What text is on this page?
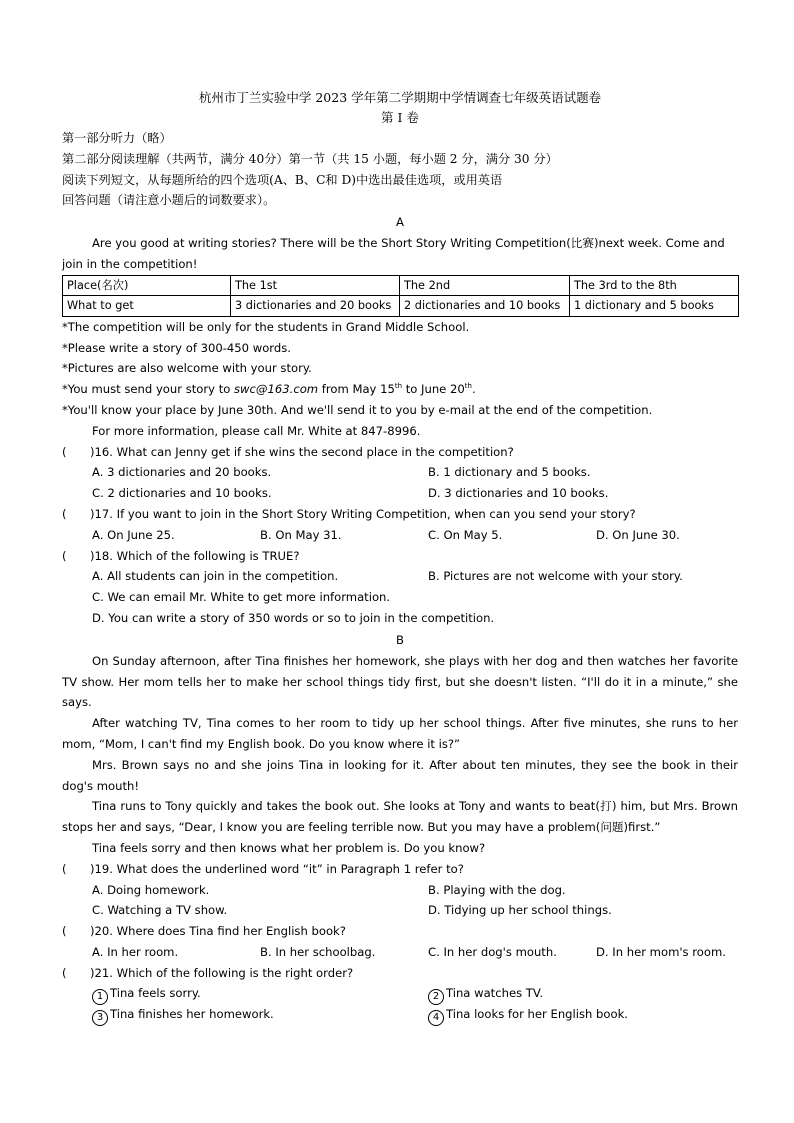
杭州市丁兰实验中学 2023 学年第二学期期中学情调查七年级英语试题卷
第 I 卷
第一部分听力（略）
第二部分阅读理解（共两节，满分 40分）第一节（共 15 小题，每小题 2 分，满分 30 分）
阅读下列短文，从每题所给的四个选项(A、B、C和 D)中选出最佳选项，或用英语
回答问题（请注意小题后的词数要求）。
A
Are you good at writing stories? There will be the Short Story Writing Competition(比赛)next week. Come and
join in the competition!
Place(名次)	The 1st	The 2nd	The 3rd to the 8th
What to get	3 dictionaries and 20 books	2 dictionaries and 10 books	1 dictionary and 5 books
*The competition will be only for the students in Grand Middle School.
*Please write a story of 300-450 words.
*Pictures are also welcome with your story.
*You must send your story to swc@163.com from May 15th to June 20th.
*You'll know your place by June 30th. And we'll send it to you by e-mail at the end of the competition.
For more information, please call Mr. White at 847-8996.
(	)16. What can Jenny get if she wins the second place in the competition?
A. 3 dictionaries and 20 books.	B. 1 dictionary and 5 books.
C. 2 dictionaries and 10 books.	D. 3 dictionaries and 10 books.
(	)17. If you want to join in the Short Story Writing Competition, when can you send your story?
A. On June 25.	B. On May 31.	C. On May 5.	D. On June 30.
(	)18. Which of the following is TRUE?
A. All students can join in the competition.	B. Pictures are not welcome with your story.
C. We can email Mr. White to get more information.
D. You can write a story of 350 words or so to join in the competition.
B
On Sunday afternoon, after Tina finishes her homework, she plays with her dog and then watches her favorite TV show. Her mom tells her to make her school things tidy first, but she doesn't listen. “I'll do it in a minute,” she says.
After watching TV, Tina comes to her room to tidy up her school things. After five minutes, she runs to her mom, “Mom, I can't find my English book. Do you know where it is?”
Mrs. Brown says no and she joins Tina in looking for it. After about ten minutes, they see the book in their dog's mouth!
Tina runs to Tony quickly and takes the book out. She looks at Tony and wants to beat(打) him, but Mrs. Brown stops her and says, “Dear, I know you are feeling terrible now. But you may have a problem(问题)first.”
Tina feels sorry and then knows what her problem is. Do you know?
(	)19. What does the underlined word “it” in Paragraph 1 refer to?
A. Doing homework.	B. Playing with the dog.
C. Watching a TV show.	D. Tidying up her school things.
(	)20. Where does Tina find her English book?
A. In her room.	B. In her schoolbag.	C. In her dog's mouth.	D. In her mom's room.
(	)21. Which of the following is the right order?
1 Tina feels sorry.	2 Tina watches TV.
3 Tina finishes her homework.	4 Tina looks for her English book.
